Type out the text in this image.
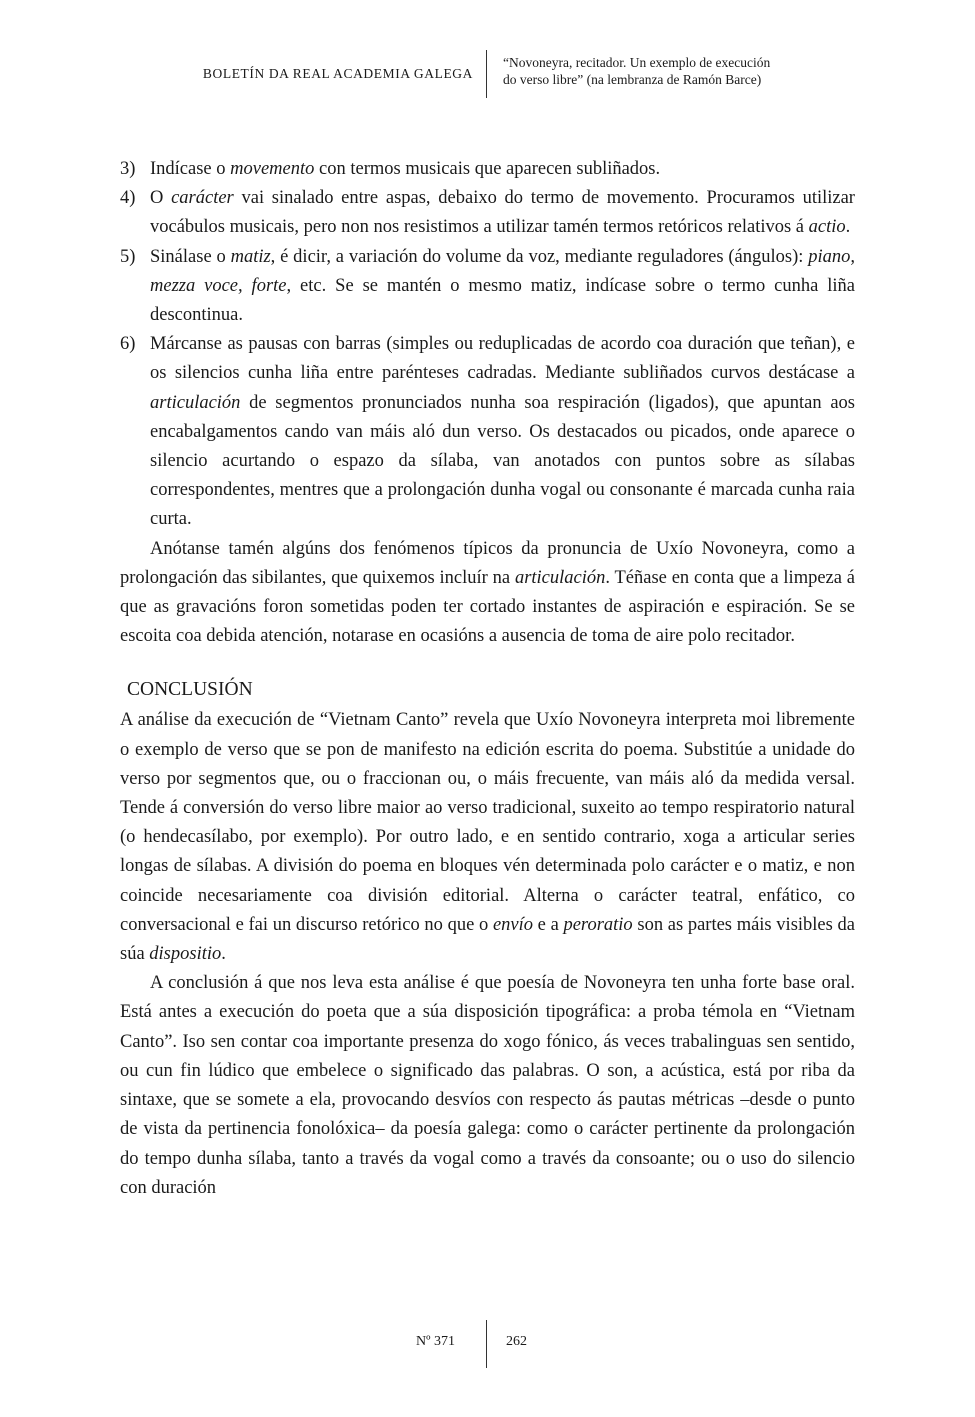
BOLETÍN DA REAL ACADEMIA GALEGA
“Novoneyra, recitador. Un exemplo de execución
do verso libre” (na lembranza de Ramón Barce)
3) Indícase o movemento con termos musicais que aparecen subliñados.
4) O carácter vai sinalado entre aspas, debaixo do termo de movemento. Procuramos utilizar vocábulos musicais, pero non nos resistimos a utilizar tamén termos retóricos relativos á actio.
5) Sinálase o matiz, é dicir, a variación do volume da voz, mediante reguladores (ángulos): piano, mezza voce, forte, etc. Se se mantén o mesmo matiz, indícase sobre o termo cunha liña descontinua.
6) Márcanse as pausas con barras (simples ou reduplicadas de acordo coa duración que teñan), e os silencios cunha liña entre parénteses cadradas. Mediante subliñados curvos destácase a articulación de segmentos pronunciados nunha soa respiración (ligados), que apuntan aos encabalgamentos cando van máis aló dun verso. Os destacados ou picados, onde aparece o silencio acurtando o espazo da sílaba, van anotados con puntos sobre as sílabas correspondentes, mentres que a prolongación dunha vogal ou consonante é marcada cunha raia curta.

Anótanse tamén algúns dos fenómenos típicos da pronuncia de Uxío Novoneyra, como a prolongación das sibilantes, que quixemos incluír na articulación. Téñase en conta que a limpeza á que as gravacións foron sometidas poden ter cortado instantes de aspiración e espiración. Se se escoita coa debida atención, notarase en ocasións a ausencia de toma de aire polo recitador.

CONCLUSIÓN

A análise da execución de “Vietnam Canto” revela que Uxío Novoneyra interpreta moi libremente o exemplo de verso que se pon de manifesto na edición escrita do poema. Substitúe a unidade do verso por segmentos que, ou o fraccionan ou, o máis frecuente, van máis aló da medida versal. Tende á conversión do verso libre maior ao verso tradicional, suxeito ao tempo respiratorio natural (o hendecasílabo, por exemplo). Por outro lado, e en sentido contrario, xoga a articular series longas de sílabas. A división do poema en bloques vén determinada polo carácter e o matiz, e non coincide necesariamente coa división editorial. Alterna o carácter teatral, enfático, co conversacional e fai un discurso retórico no que o envío e a peroratio son as partes máis visibles da súa dispositio.

A conclusión á que nos leva esta análise é que poesía de Novoneyra ten unha forte base oral. Está antes a execución do poeta que a súa disposición tipográfica: a proba témola en “Vietnam Canto”. Iso sen contar coa importante presenza do xogo fónico, ás veces trabalinguas sen sentido, ou cun fin lúdico que embelece o significado das palabras. O son, a acústica, está por riba da sintaxe, que se somete a ela, provocando desvíos con respecto ás pautas métricas –desde o punto de vista da pertinencia fonolóxica– da poesía galega: como o carácter pertinente da prolongación do tempo dunha sílaba, tanto a través da vogal como a través da consoante; ou o uso do silencio con duración

Nº 371	262
